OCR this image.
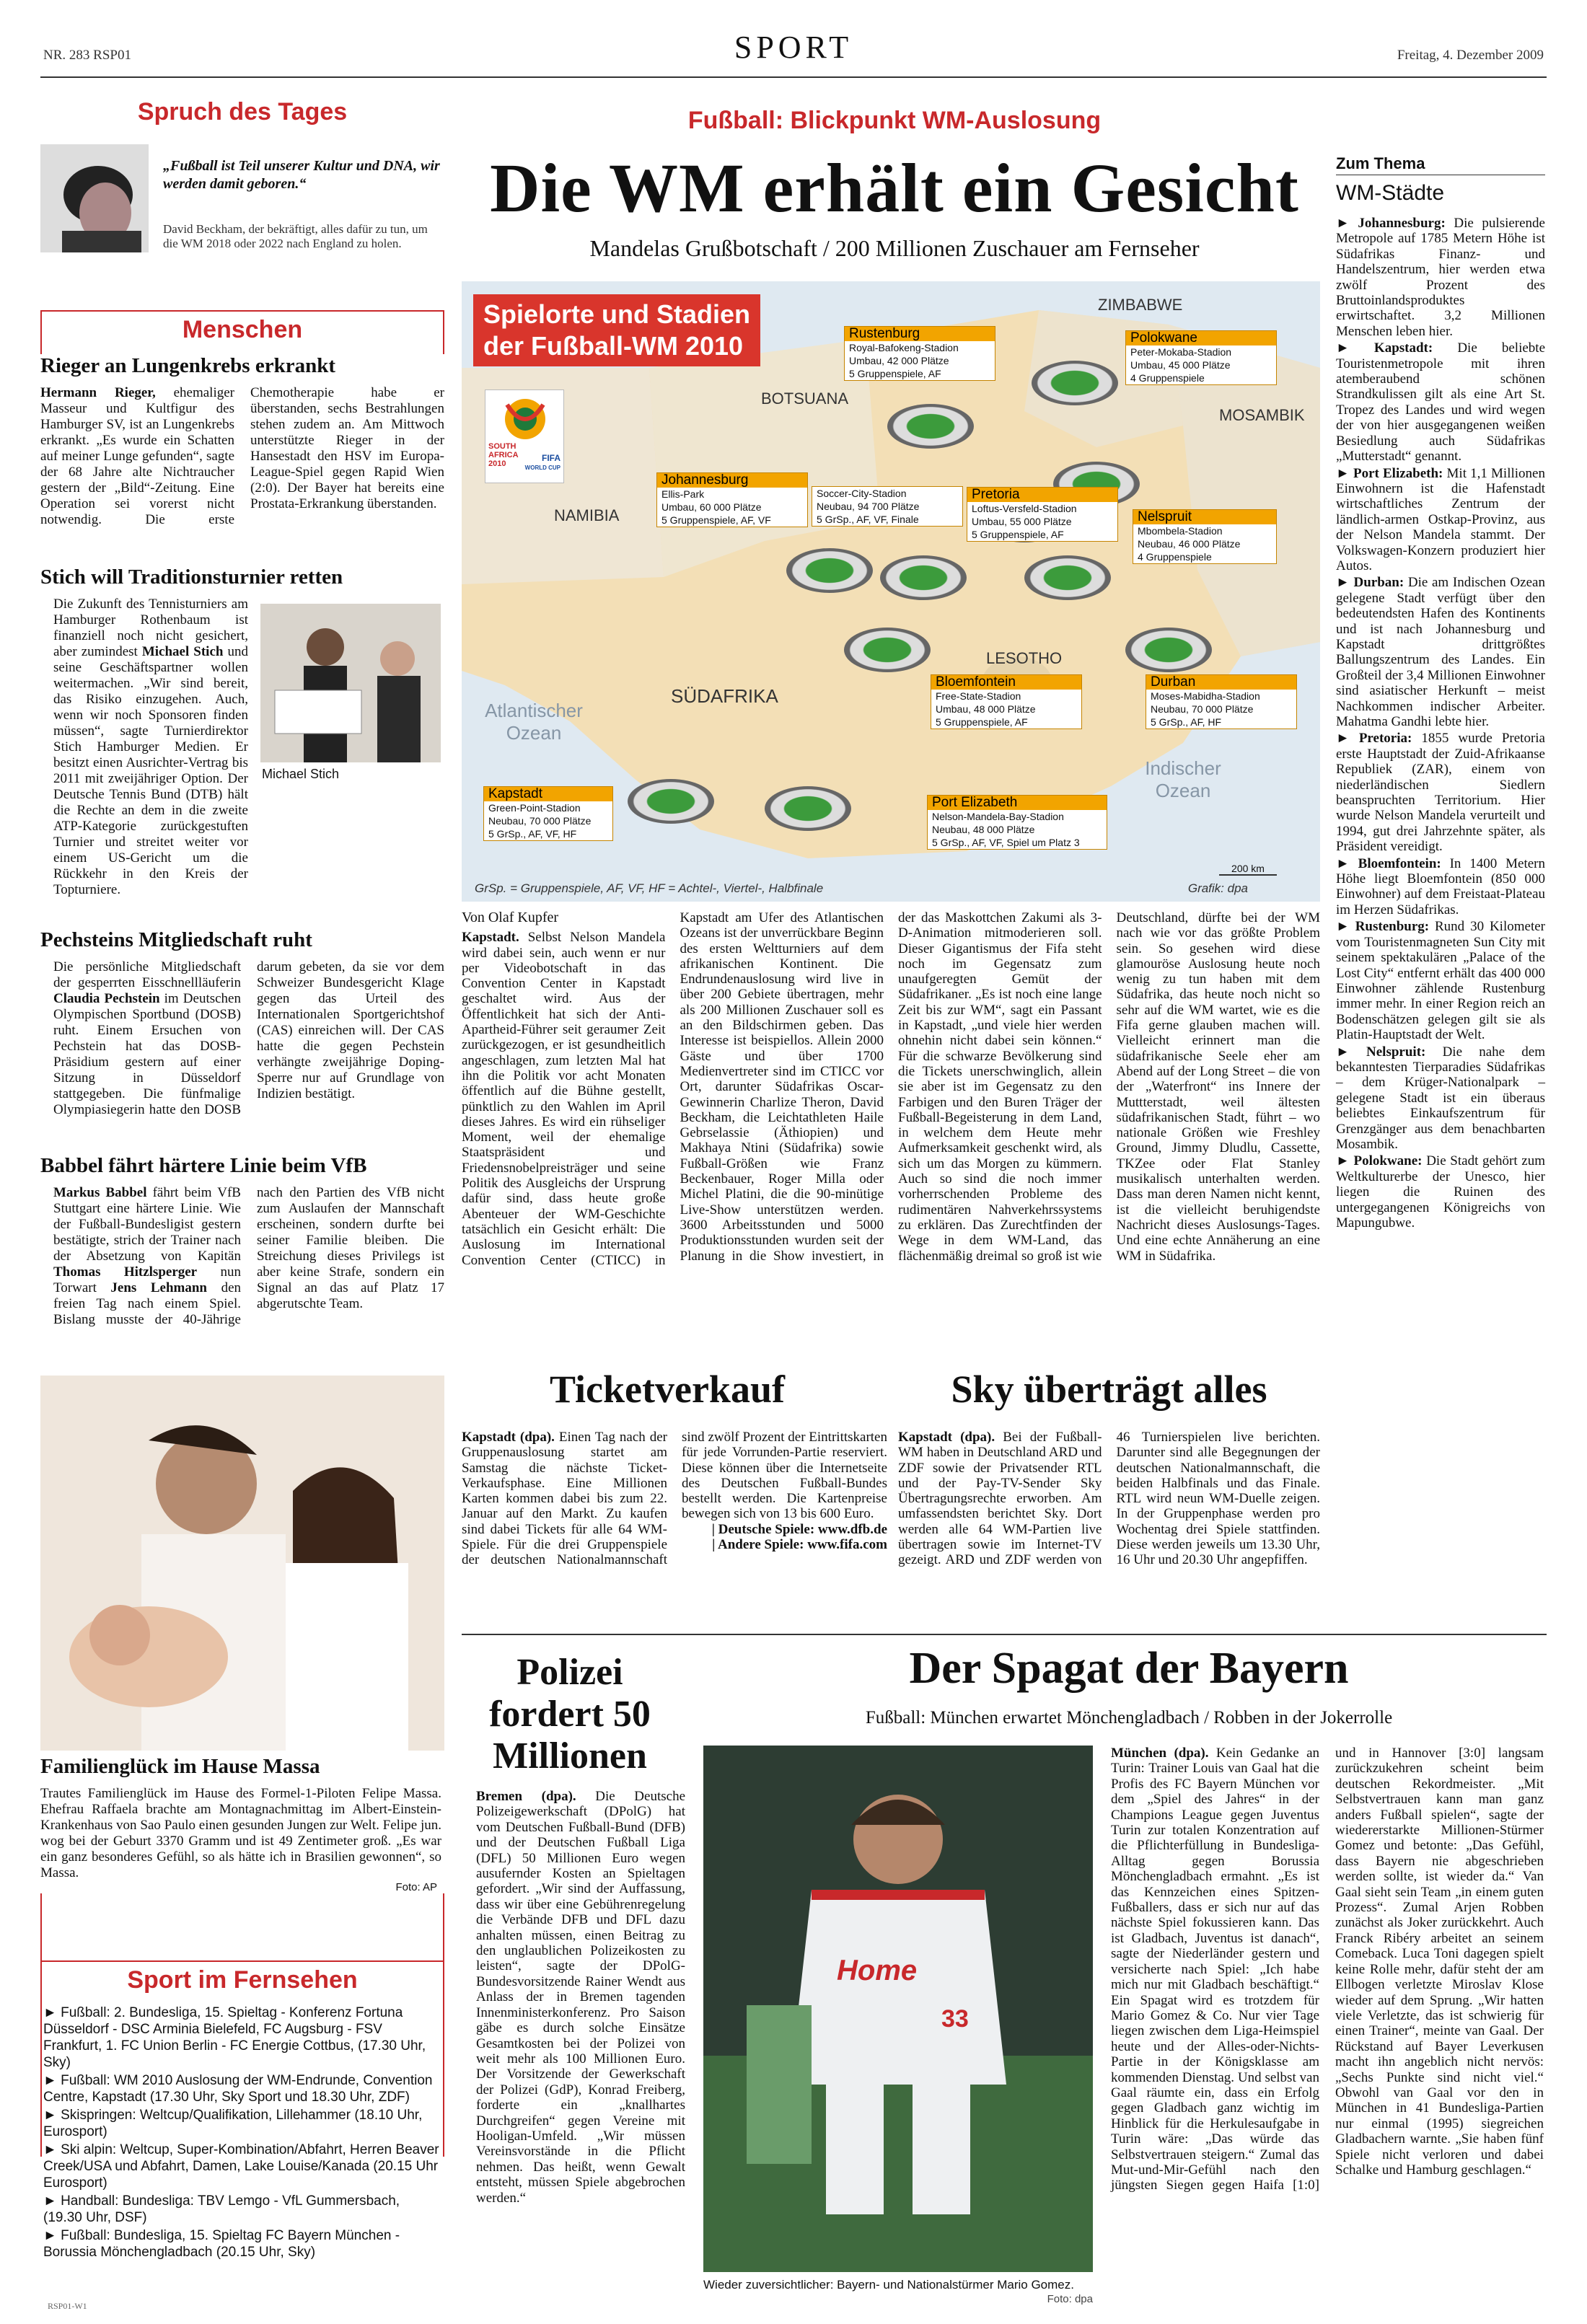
NR. 283 RSP01	SPORT	Freitag, 4. Dezember 2009
Spruch des Tages
„Fußball ist Teil unserer Kultur und DNA, wir werden damit geboren.“
David Beckham, der bekräftigt, alles dafür zu tun, um die WM 2018 oder 2022 nach England zu holen.
Menschen
Rieger an Lungenkrebs erkrankt
Hermann Rieger, ehemaliger Masseur und Kultfigur des Hamburger SV, ist an Lungenkrebs erkrankt. „Es wurde ein Schatten auf meiner Lunge gefunden“, sagte der 68 Jahre alte Nichtraucher gestern der „Bild“-Zeitung. Eine Operation sei vorerst nicht notwendig. Die erste Chemotherapie habe er überstanden, sechs Bestrahlungen stehen zudem an. Am Mittwoch unterstützte Rieger in der Hansestadt den HSV im Europa-League-Spiel gegen Rapid Wien (2:0). Der Bayer hat bereits eine Prostata-Erkrankung überstanden.
Stich will Traditionsturnier retten
Die Zukunft des Tennisturniers am Hamburger Rothenbaum ist finanziell noch nicht gesichert, aber zumindest Michael Stich und seine Geschäftspartner wollen weitermachen. „Wir sind bereit, das Risiko einzugehen. Auch, wenn wir noch Sponsoren finden müssen“, sagte Turnierdirektor Stich Hamburger Medien. Er besitzt einen Ausrichter-Vertrag bis 2011 mit zweijähriger Option. Der Deutsche Tennis Bund (DTB) hält die Rechte an dem in die zweite ATP-Kategorie zurückgestuften Turnier und streitet weiter vor einem US-Gericht um die Rückkehr in den Kreis der Topturniere.
Michael Stich
Pechsteins Mitgliedschaft ruht
Die persönliche Mitgliedschaft der gesperrten Eisschnellläuferin Claudia Pechstein im Deutschen Olympischen Sportbund (DOSB) ruht. Einem Ersuchen von Pechstein hat das DOSB-Präsidium gestern auf einer Sitzung in Düsseldorf stattgegeben. Die fünfmalige Olympiasiegerin hatte den DOSB darum gebeten, da sie vor dem Schweizer Bundesgericht Klage gegen das Urteil des Internationalen Sportgerichtshof (CAS) einreichen will. Der CAS hatte die gegen Pechstein verhängte zweijährige Doping-Sperre nur auf Grundlage von Indizien bestätigt.
Babbel fährt härtere Linie beim VfB
Markus Babbel fährt beim VfB Stuttgart eine härtere Linie. Wie der Fußball-Bundesligist gestern bestätigte, strich der Trainer nach der Absetzung von Kapitän Thomas Hitzlsperger nun Torwart Jens Lehmann den freien Tag nach einem Spiel. Bislang musste der 40-Jährige nach den Partien des VfB nicht zum Auslaufen der Mannschaft erscheinen, sondern durfte bei seiner Familie bleiben. Die Streichung dieses Privilegs ist aber keine Strafe, sondern ein Signal an das auf Platz 17 abgerutschte Team.
Familienglück im Hause Massa
Trautes Familienglück im Hause des Formel-1-Piloten Felipe Massa. Ehefrau Raffaela brachte am Montagnachmittag im Albert-Einstein-Krankenhaus von Sao Paulo einen gesunden Jungen zur Welt. Felipe jun. wog bei der Geburt 3370 Gramm und ist 49 Zentimeter groß. „Es war ein ganz besonderes Gefühl, so als hätte ich in Brasilien gewonnen“, so Massa.
Foto: AP
Sport im Fernsehen
► Fußball: 2. Bundesliga, 15. Spieltag - Konferenz Fortuna Düsseldorf - DSC Arminia Bielefeld, FC Augsburg - FSV Frankfurt, 1. FC Union Berlin - FC Energie Cottbus, (17.30 Uhr, Sky)
► Fußball: WM 2010 Auslosung der WM-Endrunde, Convention Centre, Kapstadt (17.30 Uhr, Sky Sport und 18.30 Uhr, ZDF)
► Skispringen: Weltcup/Qualifikation, Lillehammer (18.10 Uhr, Eurosport)
► Ski alpin: Weltcup, Super-Kombination/Abfahrt, Herren Beaver Creek/USA und Abfahrt, Damen, Lake Louise/Kanada (20.15 Uhr Eurosport)
► Handball: Bundesliga: TBV Lemgo - VfL Gummersbach, (19.30 Uhr, DSF)
► Fußball: Bundesliga, 15. Spieltag FC Bayern München - Borussia Mönchengladbach (20.15 Uhr, Sky)
Fußball: Blickpunkt WM-Auslosung
Die WM erhält ein Gesicht
Mandelas Grußbotschaft / 200 Millionen Zuschauer am Fernseher
Spielorte und Stadien
der Fußball-WM 2010
SOUTH
AFRICA
2010
FIFA
WORLD CUP
ZIMBABWE
BOTSUANA
MOSAMBIK
NAMIBIA
LESOTHO
SÜDAFRIKA
Atlantischer Ozean
Indischer Ozean
Rustenburg
Royal-Bafokeng-Stadion
Umbau, 42 000 Plätze
5 Gruppenspiele, AF
Polokwane
Peter-Mokaba-Stadion
Umbau, 45 000 Plätze
4 Gruppenspiele
Johannesburg
Ellis-Park
Umbau, 60 000 Plätze
5 Gruppenspiele, AF, VF
Soccer-City-Stadion
Neubau, 94 700 Plätze
5 GrSp., AF, VF, Finale
Pretoria
Loftus-Versfeld-Stadion
Umbau, 55 000 Plätze
5 Gruppenspiele, AF
Nelspruit
Mbombela-Stadion
Neubau, 46 000 Plätze
4 Gruppenspiele
Bloemfontein
Free-State-Stadion
Umbau, 48 000 Plätze
5 Gruppenspiele, AF
Durban
Moses-Mabidha-Stadion
Neubau, 70 000 Plätze
5 GrSp., AF, HF
Kapstadt
Green-Point-Stadion
Neubau, 70 000 Plätze
5 GrSp., AF, VF, HF
Port Elizabeth
Nelson-Mandela-Bay-Stadion
Neubau, 48 000 Plätze
5 GrSp., AF, VF, Spiel um Platz 3
200 km
GrSp. = Gruppenspiele, AF, VF, HF = Achtel-, Viertel-, Halbfinale	Grafik: dpa
Von Olaf Kupfer
Kapstadt. Selbst Nelson Mandela wird dabei sein, auch wenn er nur per Videobotschaft in das Convention Center in Kapstadt geschaltet wird. Aus der Öffentlichkeit hat sich der Anti-Apartheid-Führer seit geraumer Zeit zurückgezogen, er ist gesundheitlich angeschlagen, zum letzten Mal hat ihn die Politik vor acht Monaten öffentlich auf die Bühne gestellt, pünktlich zu den Wahlen im April dieses Jahres. Es wird ein rühseliger Moment, weil der ehemalige Staatspräsident und Friedensnobelpreisträger und seine Politik des Ausgleichs der Ursprung dafür sind, dass heute große Abenteuer der WM-Geschichte tatsächlich ein Gesicht erhält: Die Auslosung im International Convention Center (CTICC) in Kapstadt am Ufer des Atlantischen Ozeans ist der unverrückbare Beginn des ersten Weltturniers auf dem afrikanischen Kontinent. Die Endrundenauslosung wird live in über 200 Gebiete übertragen, mehr als 200 Millionen Zuschauer soll es an den Bildschirmen geben. Das Interesse ist beispiellos. Allein 2000 Gäste und über 1700 Medienvertreter sind im CTICC vor Ort, darunter Südafrikas Oscar-Gewinnerin Charlize Theron, David Beckham, die Leichtathleten Haile Gebrselassie (Äthiopien) und Makhaya Ntini (Südafrika) sowie Fußball-Größen wie Franz Beckenbauer, Roger Milla oder Michel Platini, die die 90-minütige Live-Show unterstützen werden. 3600 Arbeitsstunden und 5000 Produktionsstunden wurden seit der Planung in die Show investiert, in der das Maskottchen Zakumi als 3-D-Animation mitmoderieren soll. Dieser Gigantismus der Fifa steht noch im Gegensatz zum unaufgeregten Gemüt der Südafrikaner. „Es ist noch eine lange Zeit bis zur WM“, sagt ein Passant in Kapstadt, „und viele hier werden ohnehin nicht dabei sein können.“ Für die schwarze Bevölkerung sind die Tickets unerschwinglich, allein sie aber ist im Gegensatz zu den Farbigen und den Buren Träger der Fußball-Begeisterung in dem Land, in welchem dem Heute mehr Aufmerksamkeit geschenkt wird, als sich um das Morgen zu kümmern. Auch so sind die noch immer vorherrschenden Probleme des rudimentären Nahverkehrssystems zu erklären. Das Zurechtfinden der Wege in dem WM-Land, das flächenmäßig dreimal so groß ist wie Deutschland, dürfte bei der WM nach wie vor das größte Problem sein. So gesehen wird diese glamouröse Auslosung heute noch wenig zu tun haben mit dem Südafrika, das heute noch nicht so sehr auf die WM wartet, wie es die Fifa gerne glauben machen will. Vielleicht erinnert man die südafrikanische Seele eher am Abend auf der Long Street – die von der „Waterfront“ ins Innere der Muttterstadt, weil ältesten südafrikanischen Stadt, führt – wo nationale Größen wie Freshley Ground, Jimmy Dludlu, Cassette, TKZee oder Flat Stanley musikalisch unterhalten werden. Dass man deren Namen nicht kennt, ist die vielleicht beruhigendste Nachricht dieses Auslosungs-Tages. Und eine echte Annäherung an eine WM in Südafrika.
Ticketverkauf	Sky überträgt alles
Kapstadt (dpa). Einen Tag nach der Gruppenauslosung startet am Samstag die nächste Ticket-Verkaufsphase. Eine Millionen Karten kommen dabei bis zum 22. Januar auf den Markt. Zu kaufen sind dabei Tickets für alle 64 WM-Spiele. Für die drei Gruppenspiele der deutschen Nationalmannschaft sind zwölf Prozent der Eintrittskarten für jede Vorrunden-Partie reserviert. Diese können über die Internetseite des Deutschen Fußball-Bundes bestellt werden. Die Kartenpreise bewegen sich von 13 bis 600 Euro.
| Deutsche Spiele: www.dfb.de
| Andere Spiele: www.fifa.com
Kapstadt (dpa). Bei der Fußball-WM haben in Deutschland ARD und ZDF sowie der Privatsender RTL und der Pay-TV-Sender Sky Übertragungsrechte erworben. Am umfassendsten berichtet Sky. Dort werden alle 64 WM-Partien live übertragen sowie im Internet-TV gezeigt. ARD und ZDF werden von 46 Turnierspielen live berichten. Darunter sind alle Begegnungen der deutschen Nationalmannschaft, die beiden Halbfinals und das Finale. RTL wird neun WM-Duelle zeigen. In der Gruppenphase werden pro Wochentag drei Spiele stattfinden. Diese werden jeweils um 13.30 Uhr, 16 Uhr und 20.30 Uhr angepfiffen.
Zum Thema
WM-Städte

► Johannesburg: Die pulsierende Metropole auf 1785 Metern Höhe ist Südafrikas Finanz- und Handelszentrum, hier werden etwa zwölf Prozent des Bruttoinlandsproduktes erwirtschaftet. 3,2 Millionen Menschen leben hier.

► Kapstadt: Die beliebte Touristenmetropole mit ihren atemberaubend schönen Strandkulissen gilt als eine Art St. Tropez des Landes und wird wegen der von hier ausgegangenen weißen Besiedlung auch Südafrikas „Mutterstadt“ genannt.

► Port Elizabeth: Mit 1,1 Millionen Einwohnern ist die Hafenstadt wirtschaftliches Zentrum der ländlich-armen Ostkap-Provinz, aus der Nelson Mandela stammt. Der Volkswagen-Konzern produziert hier Autos.

► Durban: Die am Indischen Ozean gelegene Stadt verfügt über den bedeutendsten Hafen des Kontinents und ist nach Johannesburg und Kapstadt drittgrößtes Ballungszentrum des Landes. Ein Großteil der 3,4 Millionen Einwohner sind asiatischer Herkunft – meist Nachkommen indischer Arbeiter. Mahatma Gandhi lebte hier.

► Pretoria: 1855 wurde Pretoria erste Hauptstadt der Zuid-Afrikaanse Republiek (ZAR), einem von niederländischen Siedlern beanspruchten Territorium. Hier wurde Nelson Mandela verurteilt und 1994, gut drei Jahrzehnte später, als Präsident vereidigt.

► Bloemfontein: In 1400 Metern Höhe liegt Bloemfontein (850 000 Einwohner) auf dem Freistaat-Plateau im Herzen Südafrikas.

► Rustenburg: Rund 30 Kilometer vom Touristenmagneten Sun City mit seinem spektakulären „Palace of the Lost City“ entfernt erhält das 400 000 Einwohner zählende Rustenburg immer mehr. In einer Region reich an Bodenschätzen gelegen gilt sie als Platin-Hauptstadt der Welt.

► Nelspruit: Die nahe dem bekanntesten Tierparadies Südafrikas – dem Krüger-Nationalpark – gelegene Stadt ist ein überaus beliebtes Einkaufszentrum für Grenzgänger aus dem benachbarten Mosambik.

► Polokwane: Die Stadt gehört zum Weltkulturerbe der Unesco, hier liegen die Ruinen des untergegangenen Königreichs von Mapungubwe.

Polizei
fordert 50
Millionen
Bremen (dpa). Die Deutsche Polizeigewerkschaft (DPolG) hat vom Deutschen Fußball-Bund (DFB) und der Deutschen Fußball Liga (DFL) 50 Millionen Euro wegen ausufernder Kosten an Spieltagen gefordert. „Wir sind der Auffassung, dass wir über eine Gebührenregelung die Verbände DFB und DFL dazu anhalten müssen, einen Beitrag zu den unglaublichen Polizeikosten zu leisten“, sagte der DPolG-Bundesvorsitzende Rainer Wendt aus Anlass der in Bremen tagenden Innenministerkonferenz. Pro Saison gäbe es durch solche Einsätze Gesamtkosten bei der Polizei von weit mehr als 100 Millionen Euro. Der Vorsitzende der Gewerkschaft der Polizei (GdP), Konrad Freiberg, forderte ein „knallhartes Durchgreifen“ gegen Vereine mit Hooligan-Umfeld. „Wir müssen Vereinsvorstände in die Pflicht nehmen. Das heißt, wenn Gewalt entsteht, müssen Spiele abgebrochen werden.“
Der Spagat der Bayern
Fußball: München erwartet Mönchengladbach / Robben in der Jokerrolle
Home
33
Wieder zuversichtlicher: Bayern- und Nationalstürmer Mario Gomez.
Foto: dpa
München (dpa). Kein Gedanke an Turin: Trainer Louis van Gaal hat die Profis des FC Bayern München vor dem „Spiel des Jahres“ in der Champions League gegen Juventus Turin zur totalen Konzentration auf die Pflichterfüllung in Bundesliga-Alltag gegen Borussia Mönchengladbach ermahnt. „Es ist das Kennzeichen eines Spitzen-Fußballers, dass er sich nur auf das nächste Spiel fokussieren kann. Das ist Gladbach, Juventus ist danach“, sagte der Niederländer gestern und versicherte nach Spiel: „Ich habe mich nur mit Gladbach beschäftigt.“ Ein Spagat wird es trotzdem für Mario Gomez & Co. Nur vier Tage liegen zwischen dem Liga-Heimspiel heute und der Alles-oder-Nichts-Partie in der Königsklasse am kommenden Dienstag. Und selbst van Gaal räumte ein, dass ein Erfolg gegen Gladbach ganz wichtig im Hinblick für die Herkulesaufgabe in Turin wäre: „Das würde das Selbstvertrauen steigern.“ Zumal das Mut-und-Mir-Gefühl nach den jüngsten Siegen gegen Haifa [1:0] und in Hannover [3:0] langsam zurückzukehren scheint beim deutschen Rekordmeister. „Mit Selbstvertrauen kann man ganz anders Fußball spielen“, sagte der wiedererstarkte Millionen-Stürmer Gomez und betonte: „Das Gefühl, dass Bayern nie abgeschrieben werden sollte, ist wieder da.“ Van Gaal sieht sein Team „in einem guten Prozess“. Zumal Arjen Robben zunächst als Joker zurückkehrt. Auch Franck Ribéry arbeitet an seinem Comeback. Luca Toni dagegen spielt keine Rolle mehr, dafür steht der am Ellbogen verletzte Miroslav Klose wieder auf dem Sprung. „Wir hatten viele Verletzte, das ist schwierig für einen Trainer“, meinte van Gaal. Der Rückstand auf Bayer Leverkusen macht ihn angeblich nicht nervös: „Sechs Punkte sind nicht viel.“ Obwohl van Gaal vor den in München in 41 Bundesliga-Partien nur einmal (1995) siegreichen Gladbachern warnte. „Sie haben fünf Spiele nicht verloren und dabei Schalke und Hamburg geschlagen.“
RSP01-W1
